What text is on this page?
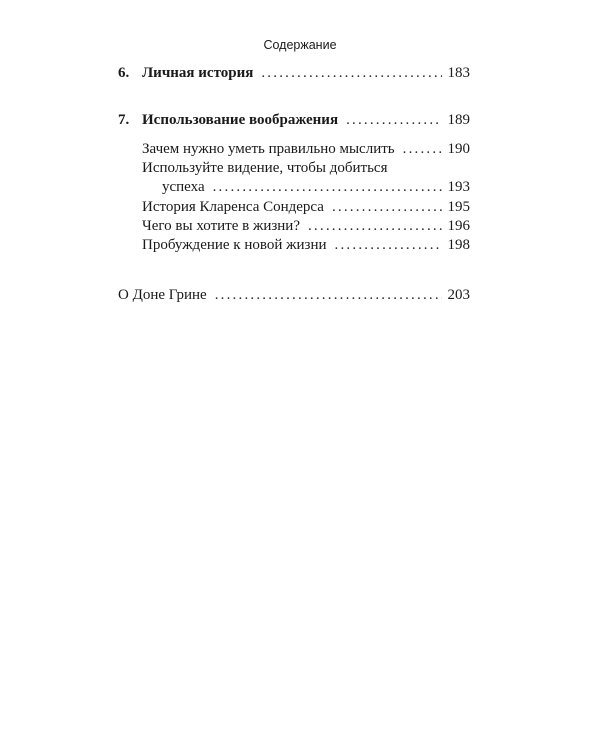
Содержание
6. Личная история .....	183
7. Использование воображения .....	189
Зачем нужно уметь правильно мыслить .....	190
Используйте видение, чтобы добиться
успеха .....	193
История Кларенса Сондерса .....	195
Чего вы хотите в жизни? .....	196
Пробуждение к новой жизни .....	198
О Доне Грине .....	203
